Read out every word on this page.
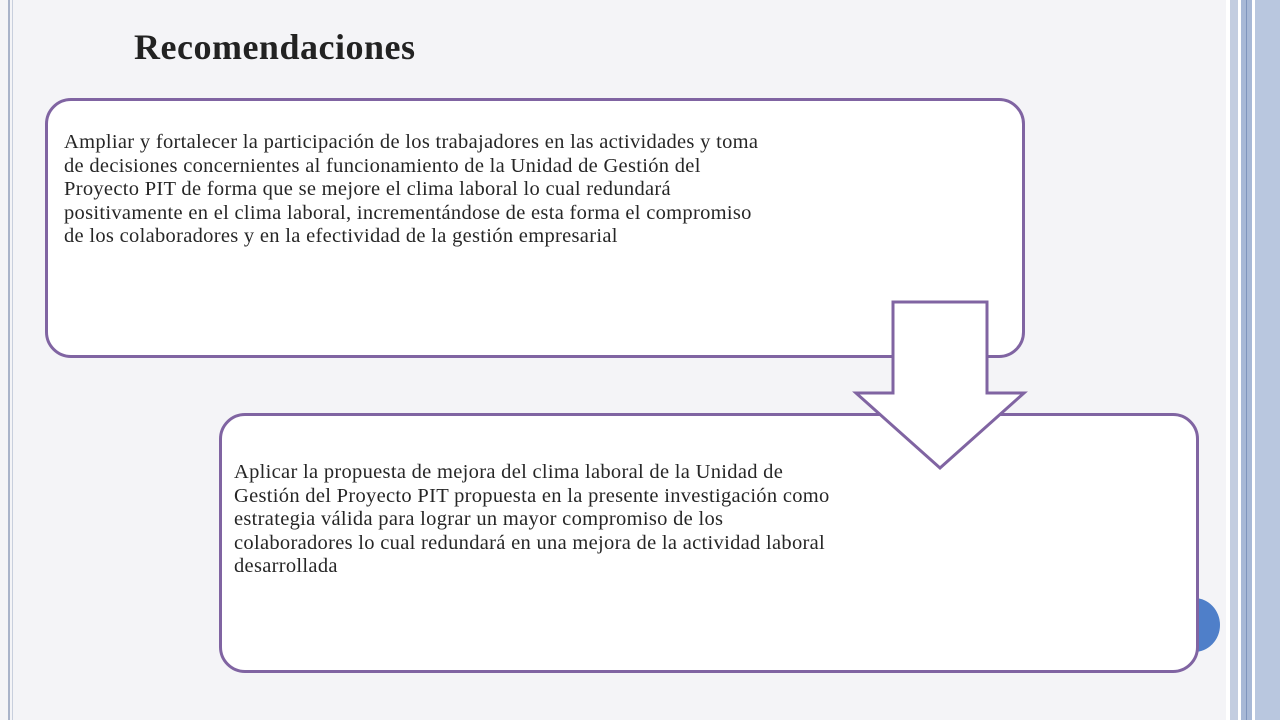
Recomendaciones

Ampliar y fortalecer la participación de los trabajadores en las actividades y toma de decisiones concernientes al funcionamiento de la Unidad de Gestión del Proyecto PIT de forma que se mejore el clima laboral lo cual redundará positivamente en el clima laboral, incrementándose de esta forma el compromiso de los colaboradores y en la efectividad de la gestión empresarial

Aplicar la propuesta de mejora del clima laboral de la Unidad de Gestión del Proyecto PIT propuesta en la presente investigación como estrategia válida para lograr un mayor compromiso de los colaboradores lo cual redundará en una mejora de la actividad laboral desarrollada
